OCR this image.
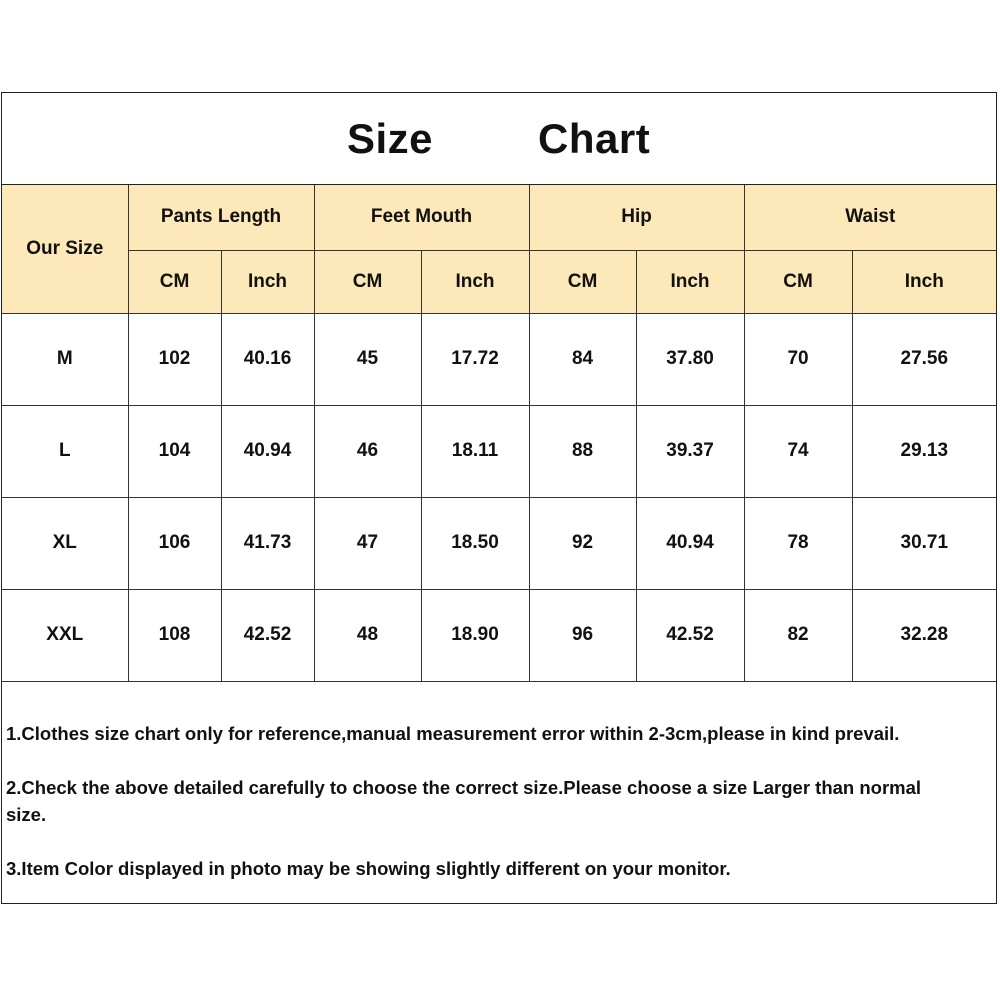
Size Chart
Our Size	Pants Length		Feet Mouth		Hip		Waist	
	CM	Inch	CM	Inch	CM	Inch	CM	Inch
M	102	40.16	45	17.72	84	37.80	70	27.56
L	104	40.94	46	18.11	88	39.37	74	29.13
XL	106	41.73	47	18.50	92	40.94	78	30.71
XXL	108	42.52	48	18.90	96	42.52	82	32.28

1.Clothes size chart only for reference,manual measurement error within 2-3cm,please in kind prevail.

2.Check the above detailed carefully to choose the correct size.Please choose a size Larger than normal size.

3.Item Color displayed in photo may be showing slightly different on your monitor.
